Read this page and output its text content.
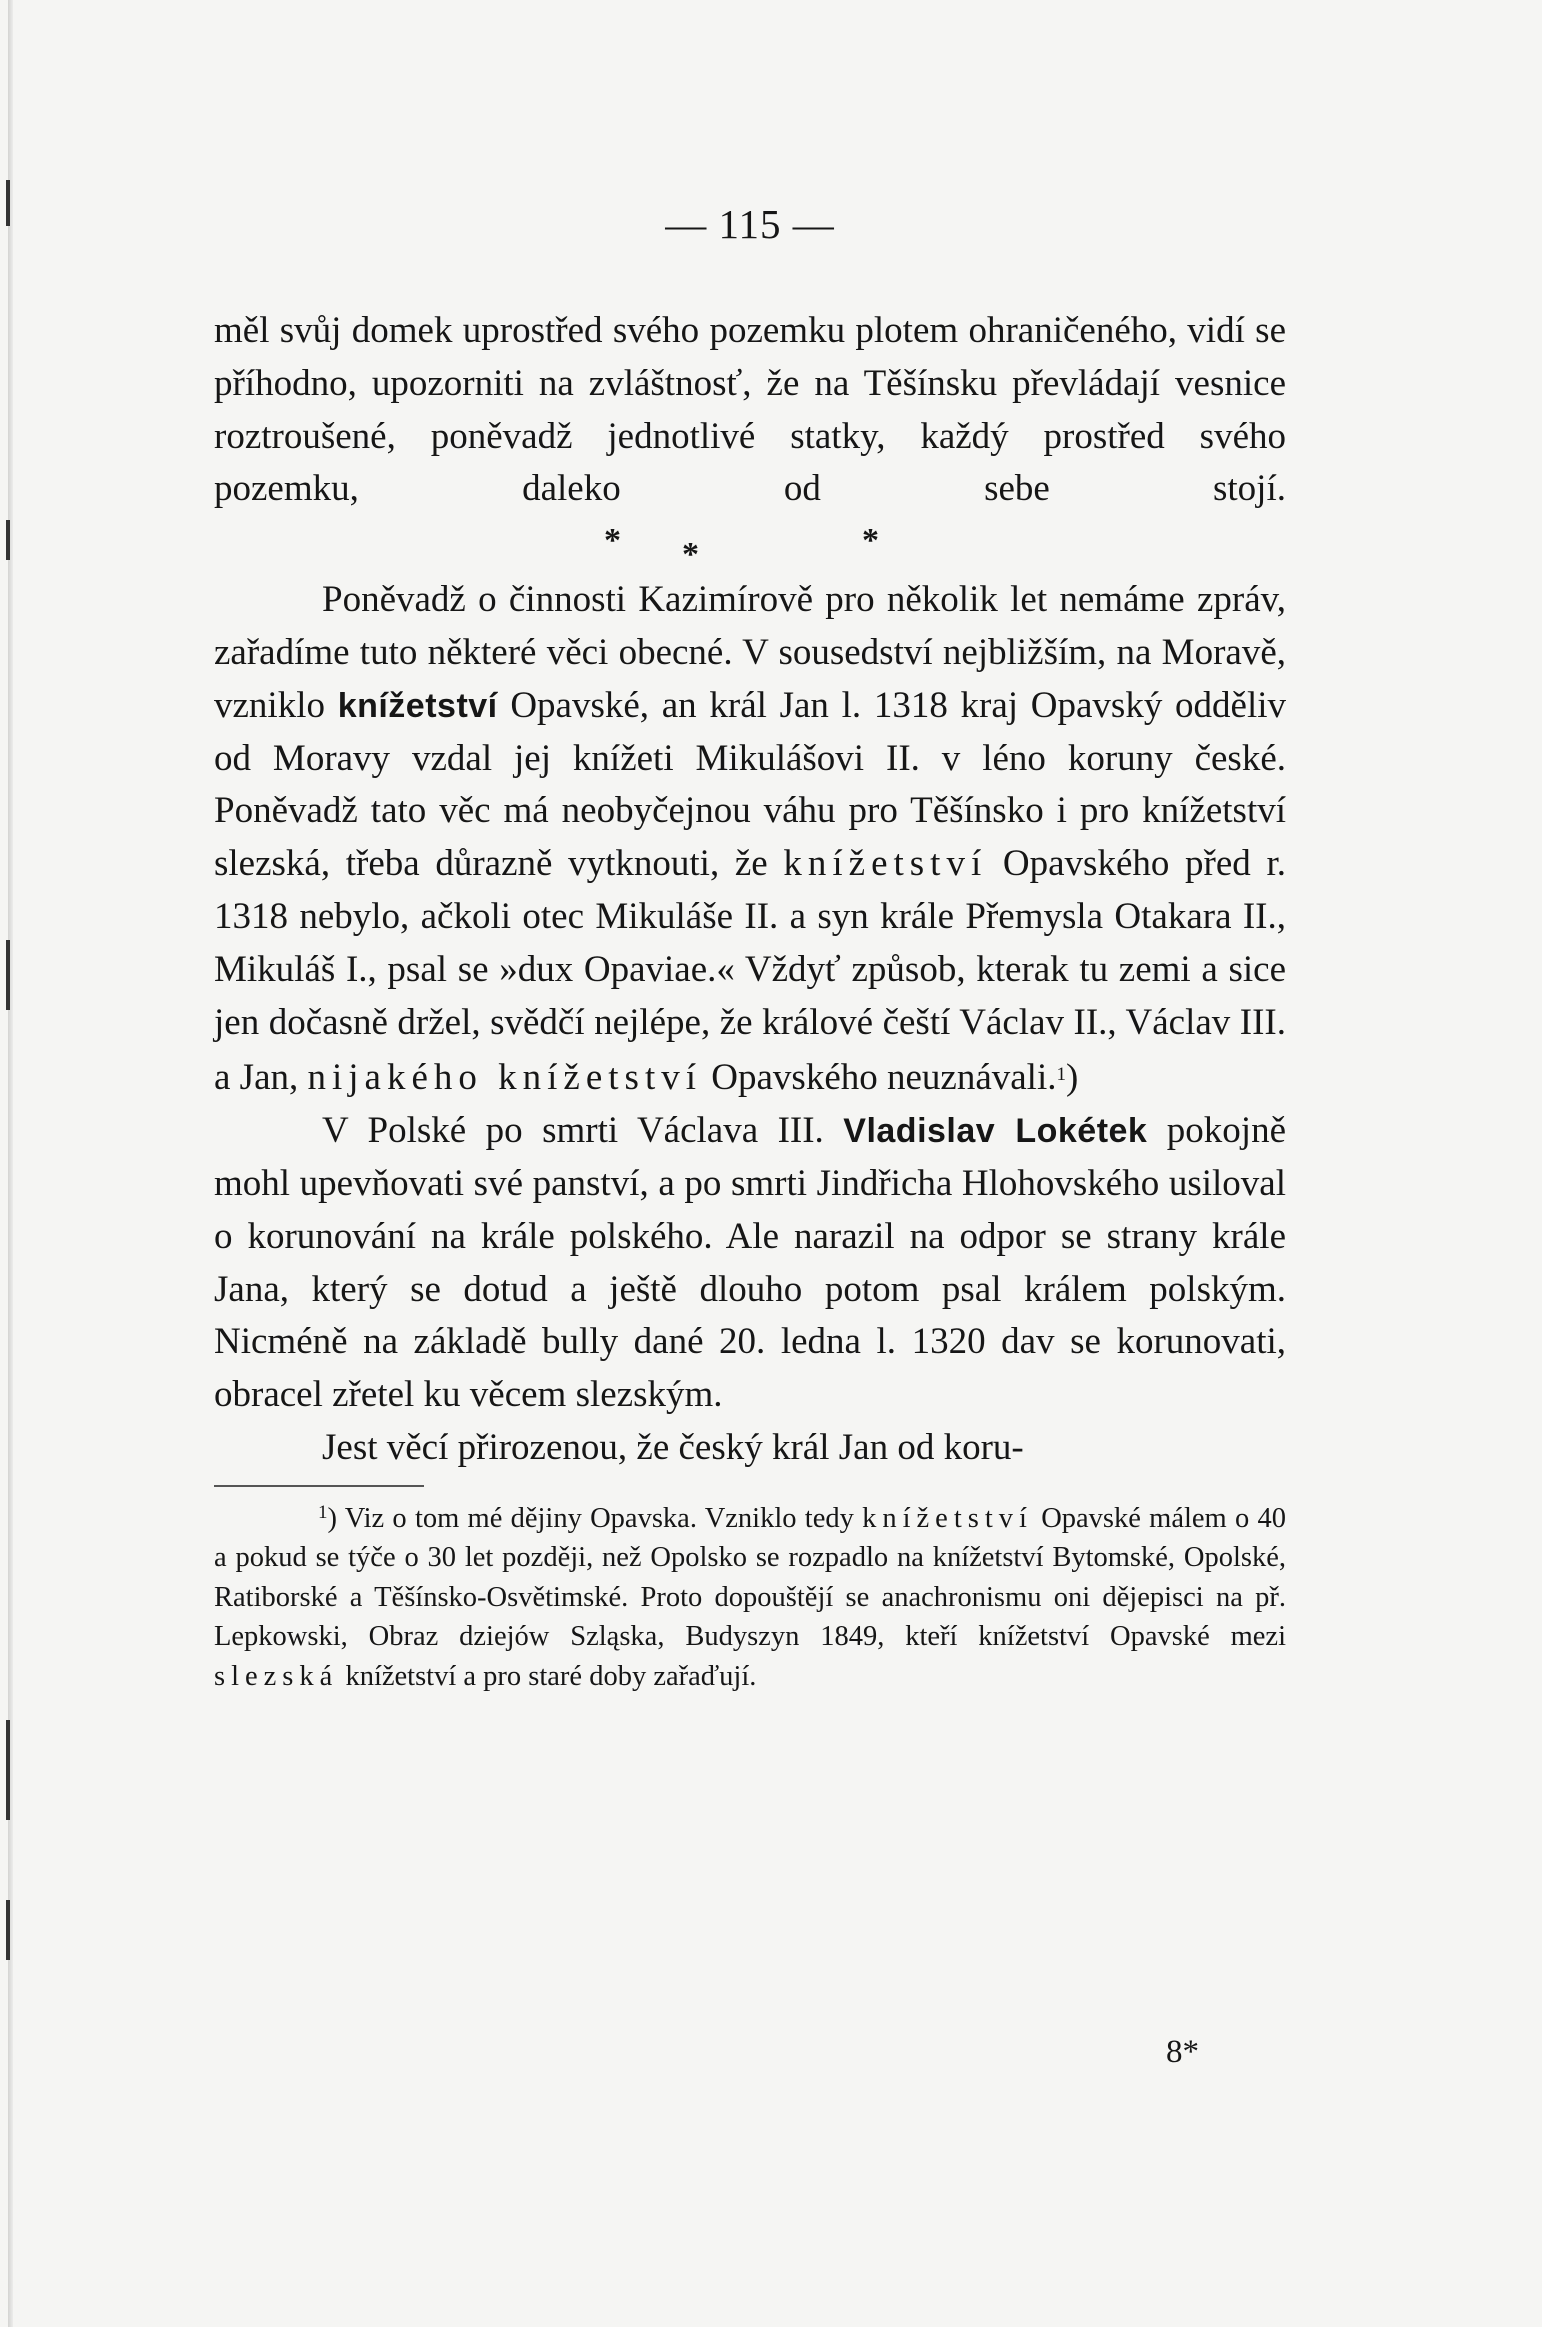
— 115 —

měl svůj domek uprostřed svého pozemku plotem ohraničeného, vidí se příhodno, upozorniti na zvláštnosť, že na Těšínsku převládají vesnice roztroušené, poněvadž jednotlivé statky, každý prostřed svého pozemku, daleko od sebe stojí.

* *	*

Poněvadž o činnosti Kazimírově pro několik let nemáme zpráv, zařadíme tuto některé věci obecné. V sousedství nejbližším, na Moravě, vzniklo knížetství Opavské, an král Jan l. 1318 kraj Opavský odděliv od Moravy vzdal jej knížeti Mikulášovi II. v léno koruny české. Poněvadž tato věc má neobyčejnou váhu pro Těšínsko i pro knížetství slezská, třeba důrazně vytknouti, že knížetství Opavského před r. 1318 nebylo, ačkoli otec Mikuláše II. a syn krále Přemysla Otakara II., Mikuláš I., psal se »dux Opaviae.« Vždyť způsob, kterak tu zemi a sice jen dočasně držel, svědčí nejlépe, že králové čeští Václav II., Václav III. a Jan, nijakého knížetství Opavského neuznávali.$^1$)

V Polské po smrti Václava III. Vladislav Lokétek pokojně mohl upevňovati své panství, a po smrti Jindřicha Hlohovského usiloval o korunování na krále polského. Ale narazil na odpor se strany krále Jana, který se dotud a ještě dlouho potom psal králem polským. Nicméně na základě bully dané 20. ledna l. 1320 dav se korunovati, obracel zřetel ku věcem slezským.

Jest věcí přirozenou, že český král Jan od koru-

$^1$) Viz o tom mé dějiny Opavska. Vzniklo tedy knížetství Opavské málem o 40 a pokud se týče o 30 let později, než Opolsko se rozpadlo na knížetství Bytomské, Opolské, Ratiborské a Těšínsko-Osvětimské. Proto dopouštějí se anachronismu oni dějepisci na př. Lepkowski, Obraz dziejów Szląska, Budyszyn 1849, kteří knížetství Opavské mezi slezská knížetství a pro staré doby zařaďují.

8*
